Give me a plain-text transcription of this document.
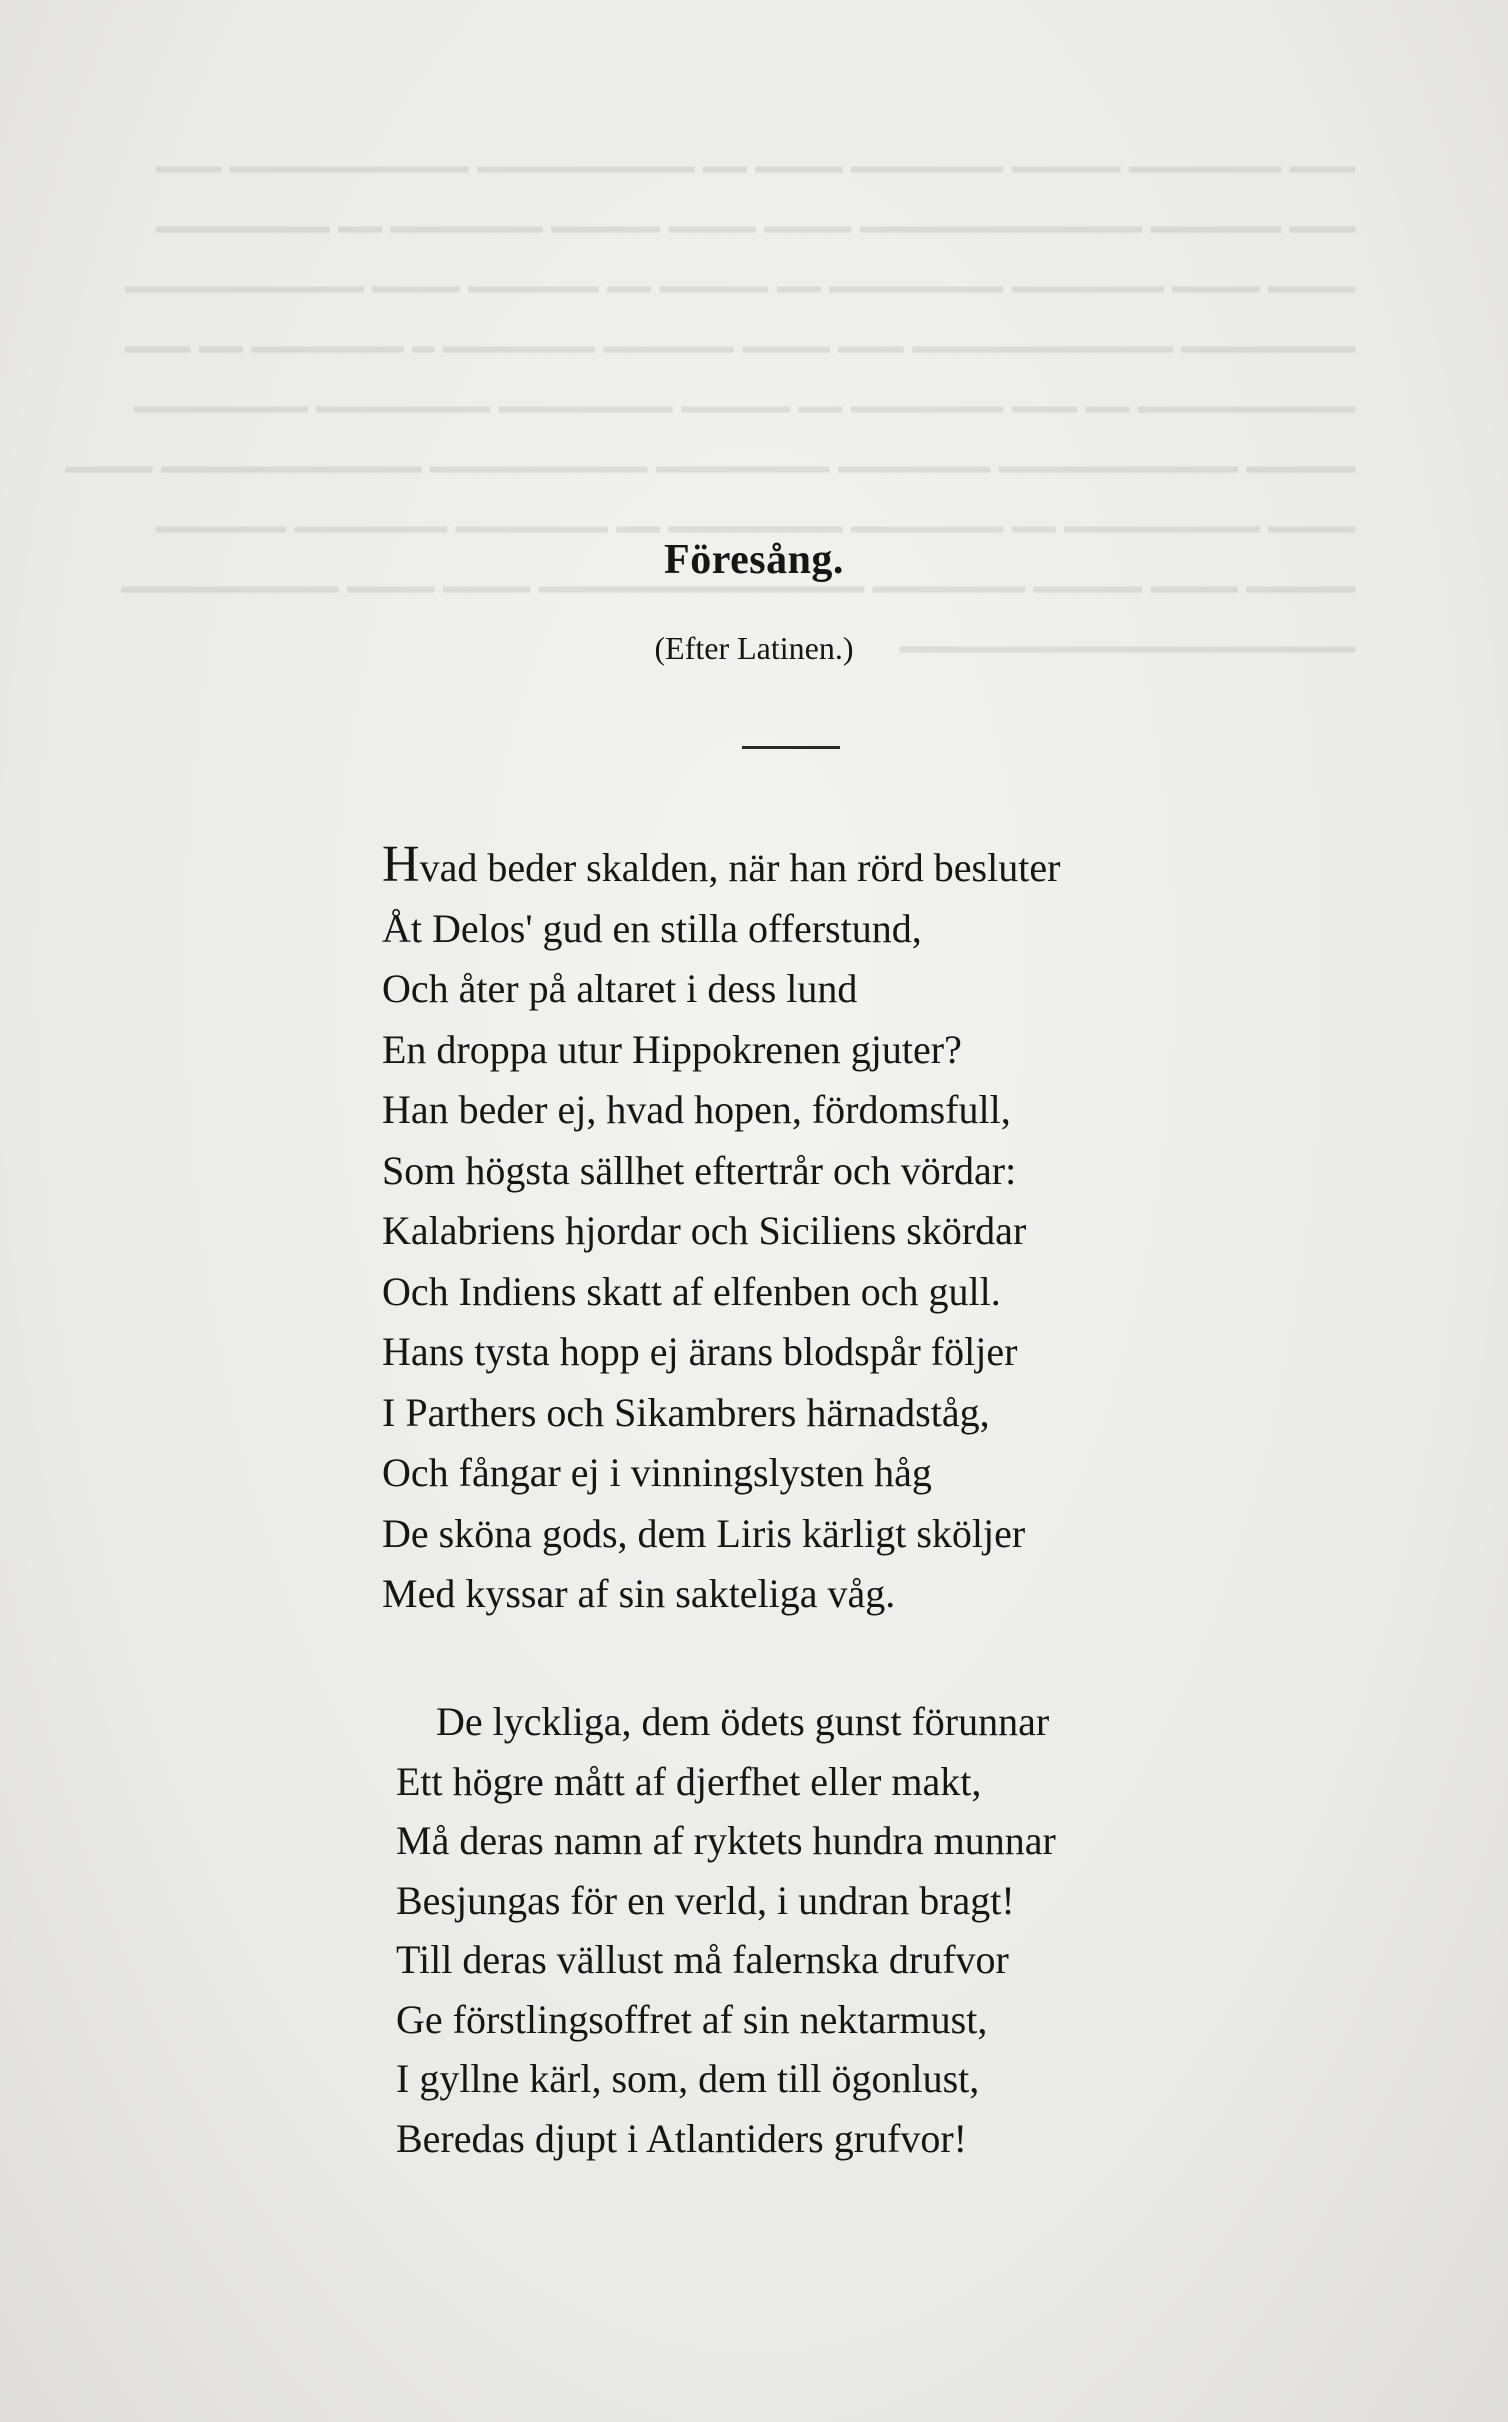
━━━ ━━━━━━━ ━━━━━ ━━━━━━━ ━━━━ ━━ ━━━━━━━━━━ ━━━━━━━━━━━ ━━━
━━━ ━━━━━━ ━━━━━━━━━━━━━ ━━━━ ━━━━ ━━━━━ ━━━━━━━ ━━ ━━━━━━━━
━━━━ ━━━━ ━━━━━━━ ━━━━━━━━ ━━ ━━━━━ ━━ ━━━━━━ ━━━━ ━━━━━━━━━━━
━━━━━━━━ ━━━━━━━━━━━━ ━━━ ━━━━ ━━━━━━ ━━━━━━━ ━ ━━━━━━━ ━━ ━━━
━━━━━━━━━━ ━━ ━━━ ━━━━━━━ ━━ ━━━━━ ━━━━━━━━ ━━━━━━━━ ━━━━━━━━
━━━━━ ━━━━━━━━━━━ ━━━━━━━ ━━━━━━━━ ━━━━━━━━━━ ━━━━━━━━━━━━ ━━━━
━━━━ ━━━━━━━━━ ━━ ━━━━━━━ ━━━━━━━━ ━━ ━━━━━━━ ━━━━━━━ ━━━━━━
━━━━━ ━━━━ ━━━━━ ━━━━━━━ ━━━━━━━━━━━━━━━ ━━━━ ━━━━ ━━━━━━━━━━
━━━━━━━━━━━━━━━━━━━━━
Föresång.
(Efter Latinen.)
Hvad beder skalden, när han rörd besluter
Åt Delos' gud en stilla offerstund,
Och åter på altaret i dess lund
En droppa utur Hippokrenen gjuter?
Han beder ej, hvad hopen, fördomsfull,
Som högsta sällhet eftertrår och vördar:
Kalabriens hjordar och Siciliens skördar
Och Indiens skatt af elfenben och gull.
Hans tysta hopp ej ärans blodspår följer
I Parthers och Sikambrers härnadståg,
Och fångar ej i vinningslysten håg
De sköna gods, dem Liris kärligt sköljer
Med kyssar af sin sakteliga våg.
De lyckliga, dem ödets gunst förunnar
Ett högre mått af djerfhet eller makt,
Må deras namn af ryktets hundra munnar
Besjungas för en verld, i undran bragt!
Till deras vällust må falernska drufvor
Ge förstlingsoffret af sin nektarmust,
I gyllne kärl, som, dem till ögonlust,
Beredas djupt i Atlantiders grufvor!
